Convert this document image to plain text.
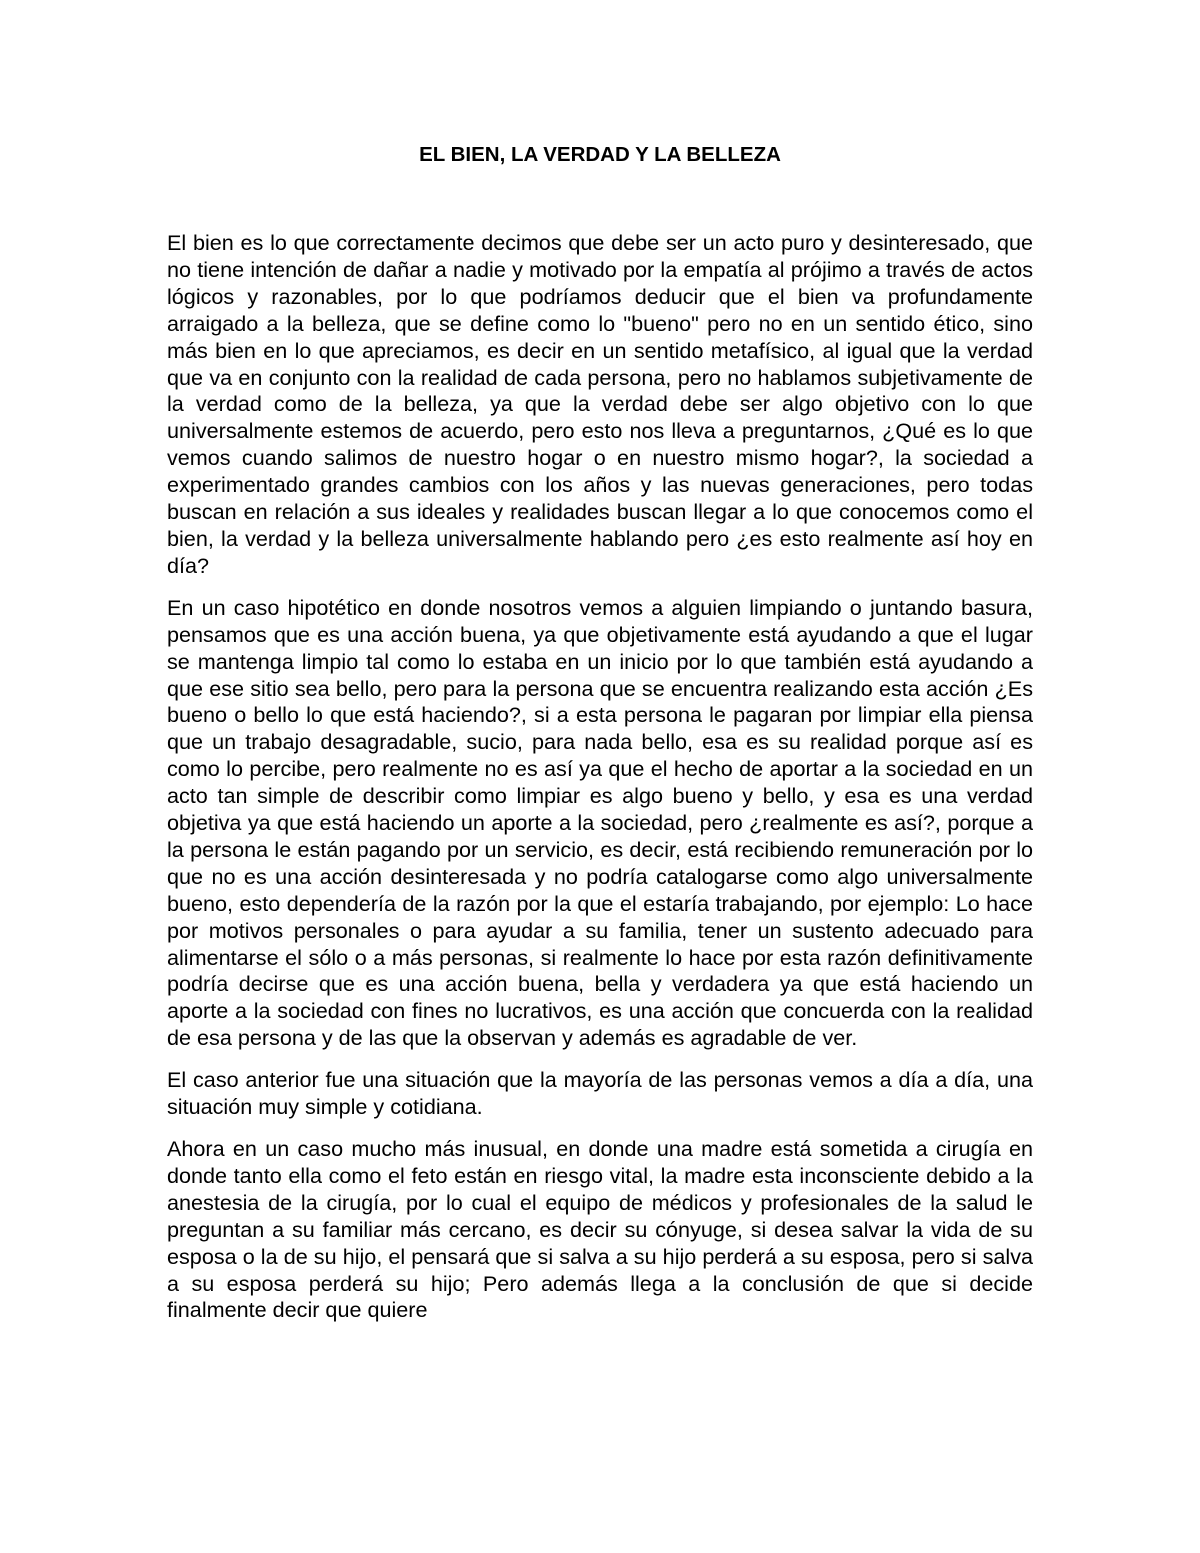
EL BIEN, LA VERDAD Y LA BELLEZA

El bien es lo que correctamente decimos que debe ser un acto puro y desinteresado, que no tiene intención de dañar a nadie y motivado por la empatía al prójimo a través de actos lógicos y razonables, por lo que podríamos deducir que el bien va profundamente arraigado a la belleza, que se define como lo "bueno" pero no en un sentido ético, sino más bien en lo que apreciamos, es decir en un sentido metafísico, al igual que la verdad que va en conjunto con la realidad de cada persona, pero no hablamos subjetivamente de la verdad como de la belleza, ya que la verdad debe ser algo objetivo con lo que universalmente estemos de acuerdo, pero esto nos lleva a preguntarnos, ¿Qué es lo que vemos cuando salimos de nuestro hogar o en nuestro mismo hogar?, la sociedad a experimentado grandes cambios con los años y las nuevas generaciones, pero todas buscan en relación a sus ideales y realidades buscan llegar a lo que conocemos como el bien, la verdad y la belleza universalmente hablando pero ¿es esto realmente así hoy en día?

En un caso hipotético en donde nosotros vemos a alguien limpiando o juntando basura, pensamos que es una acción buena, ya que objetivamente está ayudando a que el lugar se mantenga limpio tal como lo estaba en un inicio por lo que también está ayudando a que ese sitio sea bello, pero para la persona que se encuentra realizando esta acción ¿Es bueno o bello lo que está haciendo?, si a esta persona le pagaran por limpiar ella piensa que un trabajo desagradable, sucio, para nada bello, esa es su realidad porque así es como lo percibe, pero realmente no es así ya que el hecho de aportar a la sociedad en un acto tan simple de describir como limpiar es algo bueno y bello, y esa es una verdad objetiva ya que está haciendo un aporte a la sociedad, pero ¿realmente es así?, porque a la persona le están pagando por un servicio, es decir, está recibiendo remuneración por lo que no es una acción desinteresada y no podría catalogarse como algo universalmente bueno, esto dependería de la razón por la que el estaría trabajando, por ejemplo: Lo hace por motivos personales o para ayudar a su familia, tener un sustento adecuado para alimentarse el sólo o a más personas, si realmente lo hace por esta razón definitivamente podría decirse que es una acción buena, bella y verdadera ya que está haciendo un aporte a la sociedad con fines no lucrativos, es una acción que concuerda con la realidad de esa persona y de las que la observan y además es agradable de ver.

El caso anterior fue una situación que la mayoría de las personas vemos a día a día, una situación muy simple y cotidiana.

Ahora en un caso mucho más inusual, en donde una madre está sometida a cirugía en donde tanto ella como el feto están en riesgo vital, la madre esta inconsciente debido a la anestesia de la cirugía, por lo cual el equipo de médicos y profesionales de la salud le preguntan a su familiar más cercano, es decir su cónyuge, si desea salvar la vida de su esposa o la de su hijo, el pensará que si salva a su hijo perderá a su esposa, pero si salva a su esposa perderá su hijo; Pero además llega a la conclusión de que si decide finalmente decir que quiere
